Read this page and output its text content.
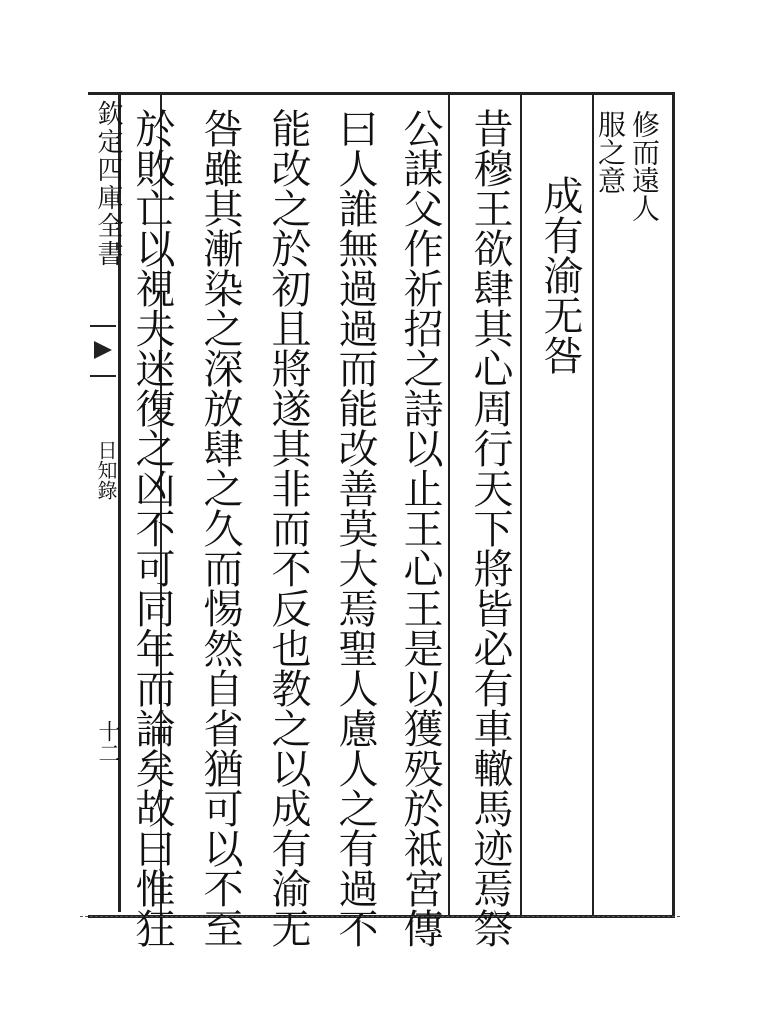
欽定四庫全書
日知錄
十二
修而遠人
服之意
成有渝无咎
昔穆王欲肆其心周行天下將皆必有車轍馬迹焉祭
公謀父作祈招之詩以止王心王是以獲殁於祗宮傳
曰人誰無過過而能改善莫大焉聖人慮人之有過不
能改之於初且將遂其非而不反也教之以成有渝无
咎雖其漸染之深放肆之久而惕然自省猶可以不至
於敗亡以視夫迷復之凶不可同年而論矣故曰惟狂
